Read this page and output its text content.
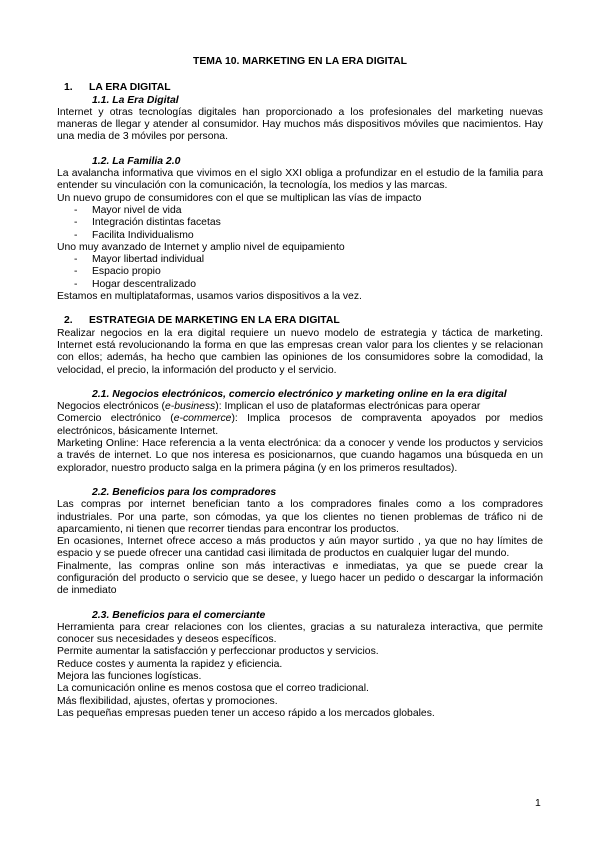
TEMA 10. MARKETING EN LA ERA DIGITAL
1.	LA ERA DIGITAL
1.1. La Era Digital

Internet y otras tecnologías digitales han proporcionado a los profesionales del marketing nuevas maneras de llegar y atender al consumidor. Hay muchos más dispositivos móviles que nacimientos. Hay una media de 3 móviles por persona.

1.2. La Familia 2.0

La avalancha informativa que vivimos en el siglo XXI obliga a profundizar en el estudio de la familia para entender su vinculación con la comunicación, la tecnología, los medios y las marcas.

Un nuevo grupo de consumidores con el que se multiplican las vías de impacto

-	Mayor nivel de vida
-	Integración distintas facetas
-	Facilita Individualismo

Uno muy avanzado de Internet y amplio nivel de equipamiento

-	Mayor libertad individual
-	Espacio propio
-	Hogar descentralizado

Estamos en multiplataformas, usamos varios dispositivos a la vez.

2.	ESTRATEGIA DE MARKETING EN LA ERA DIGITAL

Realizar negocios en la era digital requiere un nuevo modelo de estrategia y táctica de marketing. Internet está revolucionando la forma en que las empresas crean valor para los clientes y se relacionan con ellos; además, ha hecho que cambien las opiniones de los consumidores sobre la comodidad, la velocidad, el precio, la información del producto y el servicio.

2.1. Negocios electrónicos, comercio electrónico y marketing online en la era digital

Negocios electrónicos (e-business): Implican el uso de plataformas electrónicas para operar

Comercio electrónico (e-commerce): Implica procesos de compraventa apoyados por medios electrónicos, básicamente Internet.

Marketing Online: Hace referencia a la venta electrónica: da a conocer y vende los productos y servicios a través de internet. Lo que nos interesa es posicionarnos, que cuando hagamos una búsqueda en un explorador, nuestro producto salga en la primera página (y en los primeros resultados).

2.2. Beneficios para los compradores

Las compras por internet benefician tanto a los compradores finales como a los compradores industriales. Por una parte, son cómodas, ya que los clientes no tienen problemas de tráfico ni de aparcamiento, ni tienen que recorrer tiendas para encontrar los productos.

En ocasiones, Internet ofrece acceso a más productos y aún mayor surtido , ya que no hay límites de espacio y se puede ofrecer una cantidad casi ilimitada de productos en cualquier lugar del mundo.

Finalmente, las compras online son más interactivas e inmediatas, ya que se puede crear la configuración del producto o servicio que se desee, y luego hacer un pedido o descargar la información de inmediato

2.3. Beneficios para el comerciante

Herramienta para crear relaciones con los clientes, gracias a su naturaleza interactiva, que permite conocer sus necesidades y deseos específicos.

Permite aumentar la satisfacción y perfeccionar productos y servicios.

Reduce costes y aumenta la rapidez y eficiencia.

Mejora las funciones logísticas.

La comunicación online es menos costosa que el correo tradicional.

Más flexibilidad, ajustes, ofertas y promociones.

Las pequeñas empresas pueden tener un acceso rápido a los mercados globales.

1
